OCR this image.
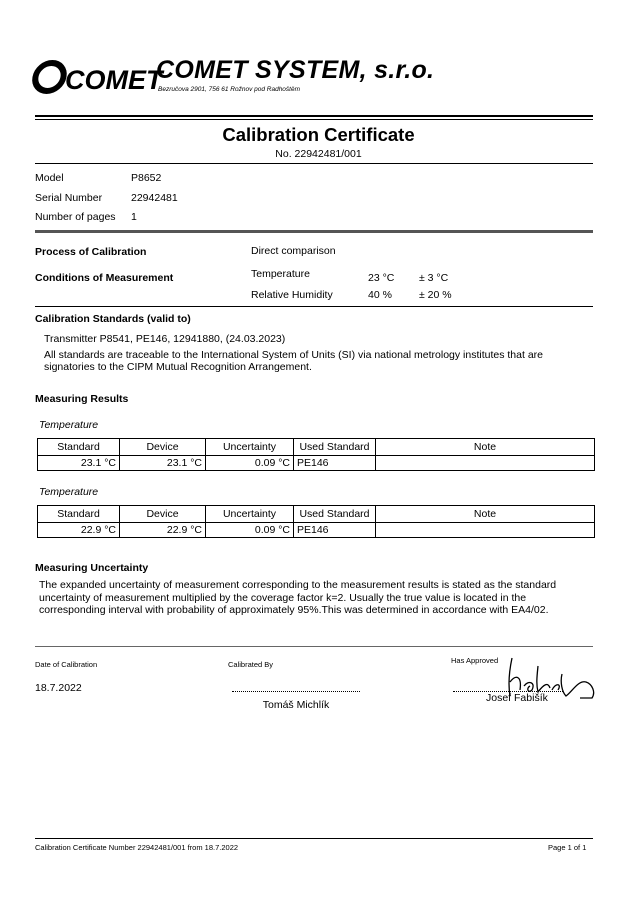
COMET
COMET SYSTEM, s.r.o.
Bezručova 2901, 756 61 Rožnov pod Radhoštěm
Calibration Certificate
No. 22942481/001
Model	P8652
Serial Number	22942481
Number of pages 1
Process of Calibration	Direct comparison
Conditions of Measurement	Temperature	23 °C ± 3 °C
Relative Humidity	40 %	± 20 %
Calibration Standards (valid to)
Transmitter P8541, PE146, 12941880, (24.03.2023)
All standards are traceable to the International System of Units (SI) via national metrology institutes that are signatories to the CIPM Mutual Recognition Arrangement.
Measuring Results
Temperature
Standard	Device	Uncertainty	Used Standard	Note
23.1 °C	23.1 °C	0.09 °C	PE146	
Temperature
Standard	Device	Uncertainty	Used Standard	Note
22.9 °C	22.9 °C	0.09 °C	PE146	
Measuring Uncertainty
The expanded uncertainty of measurement corresponding to the measurement results is stated as the standard uncertainty of measurement multiplied by the coverage factor k=2. Usually the true value is located in the corresponding interval with probability of approximately 95%.This was determined in accordance with EA4/02.
Date of Calibration
18.7.2022
Calibrated By
Tomáš Michlík
Has Approved
Josef Fabišík
Calibration Certificate Number 22942481/001 from 18.7.2022	Page 1 of 1
